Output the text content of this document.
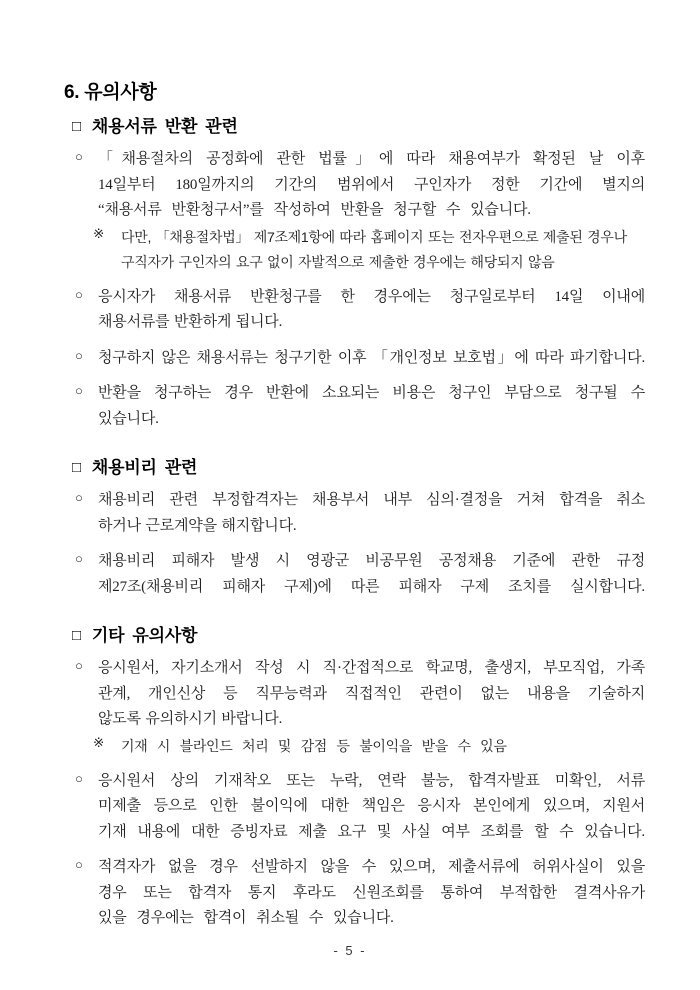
6. 유의사항
□ 채용서류 반환 관련
○ 「채용절차의 공정화에 관한 법률」에 따라 채용여부가 확정된 날 이후
14일부터 180일까지의 기간의 범위에서 구인자가 정한 기간에 별지의
“채용서류 반환청구서”를 작성하여 반환을 청구할 수 있습니다.
※ 다만, 「채용절차법」 제7조제1항에 따라 홈페이지 또는 전자우편으로 제출된 경우나
구직자가 구인자의 요구 없이 자발적으로 제출한 경우에는 해당되지 않음
○ 응시자가 채용서류 반환청구를 한 경우에는 청구일로부터 14일 이내에
채용서류를 반환하게 됩니다.
○ 청구하지 않은 채용서류는 청구기한 이후 「개인정보 보호법」에 따라 파기합니다.
○ 반환을 청구하는 경우 반환에 소요되는 비용은 청구인 부담으로 청구될 수
있습니다.
□ 채용비리 관련
○ 채용비리 관련 부정합격자는 채용부서 내부 심의·결정을 거쳐 합격을 취소
하거나 근로계약을 해지합니다.
○ 채용비리 피해자 발생 시 영광군 비공무원 공정채용 기준에 관한 규정
제27조(채용비리 피해자 구제)에 따른 피해자 구제 조치를 실시합니다.
□ 기타 유의사항
○ 응시원서, 자기소개서 작성 시 직·간접적으로 학교명, 출생지, 부모직업, 가족
관계, 개인신상 등 직무능력과 직접적인 관련이 없는 내용을 기술하지
않도록 유의하시기 바랍니다.
※ 기재 시 블라인드 처리 및 감점 등 불이익을 받을 수 있음
○ 응시원서 상의 기재착오 또는 누락, 연락 불능, 합격자발표 미확인, 서류
미제출 등으로 인한 불이익에 대한 책임은 응시자 본인에게 있으며, 지원서
기재 내용에 대한 증빙자료 제출 요구 및 사실 여부 조회를 할 수 있습니다.
○ 적격자가 없을 경우 선발하지 않을 수 있으며, 제출서류에 허위사실이 있을
경우 또는 합격자 통지 후라도 신원조회를 통하여 부적합한 결격사유가
있을 경우에는 합격이 취소될 수 있습니다.
- 5 -
